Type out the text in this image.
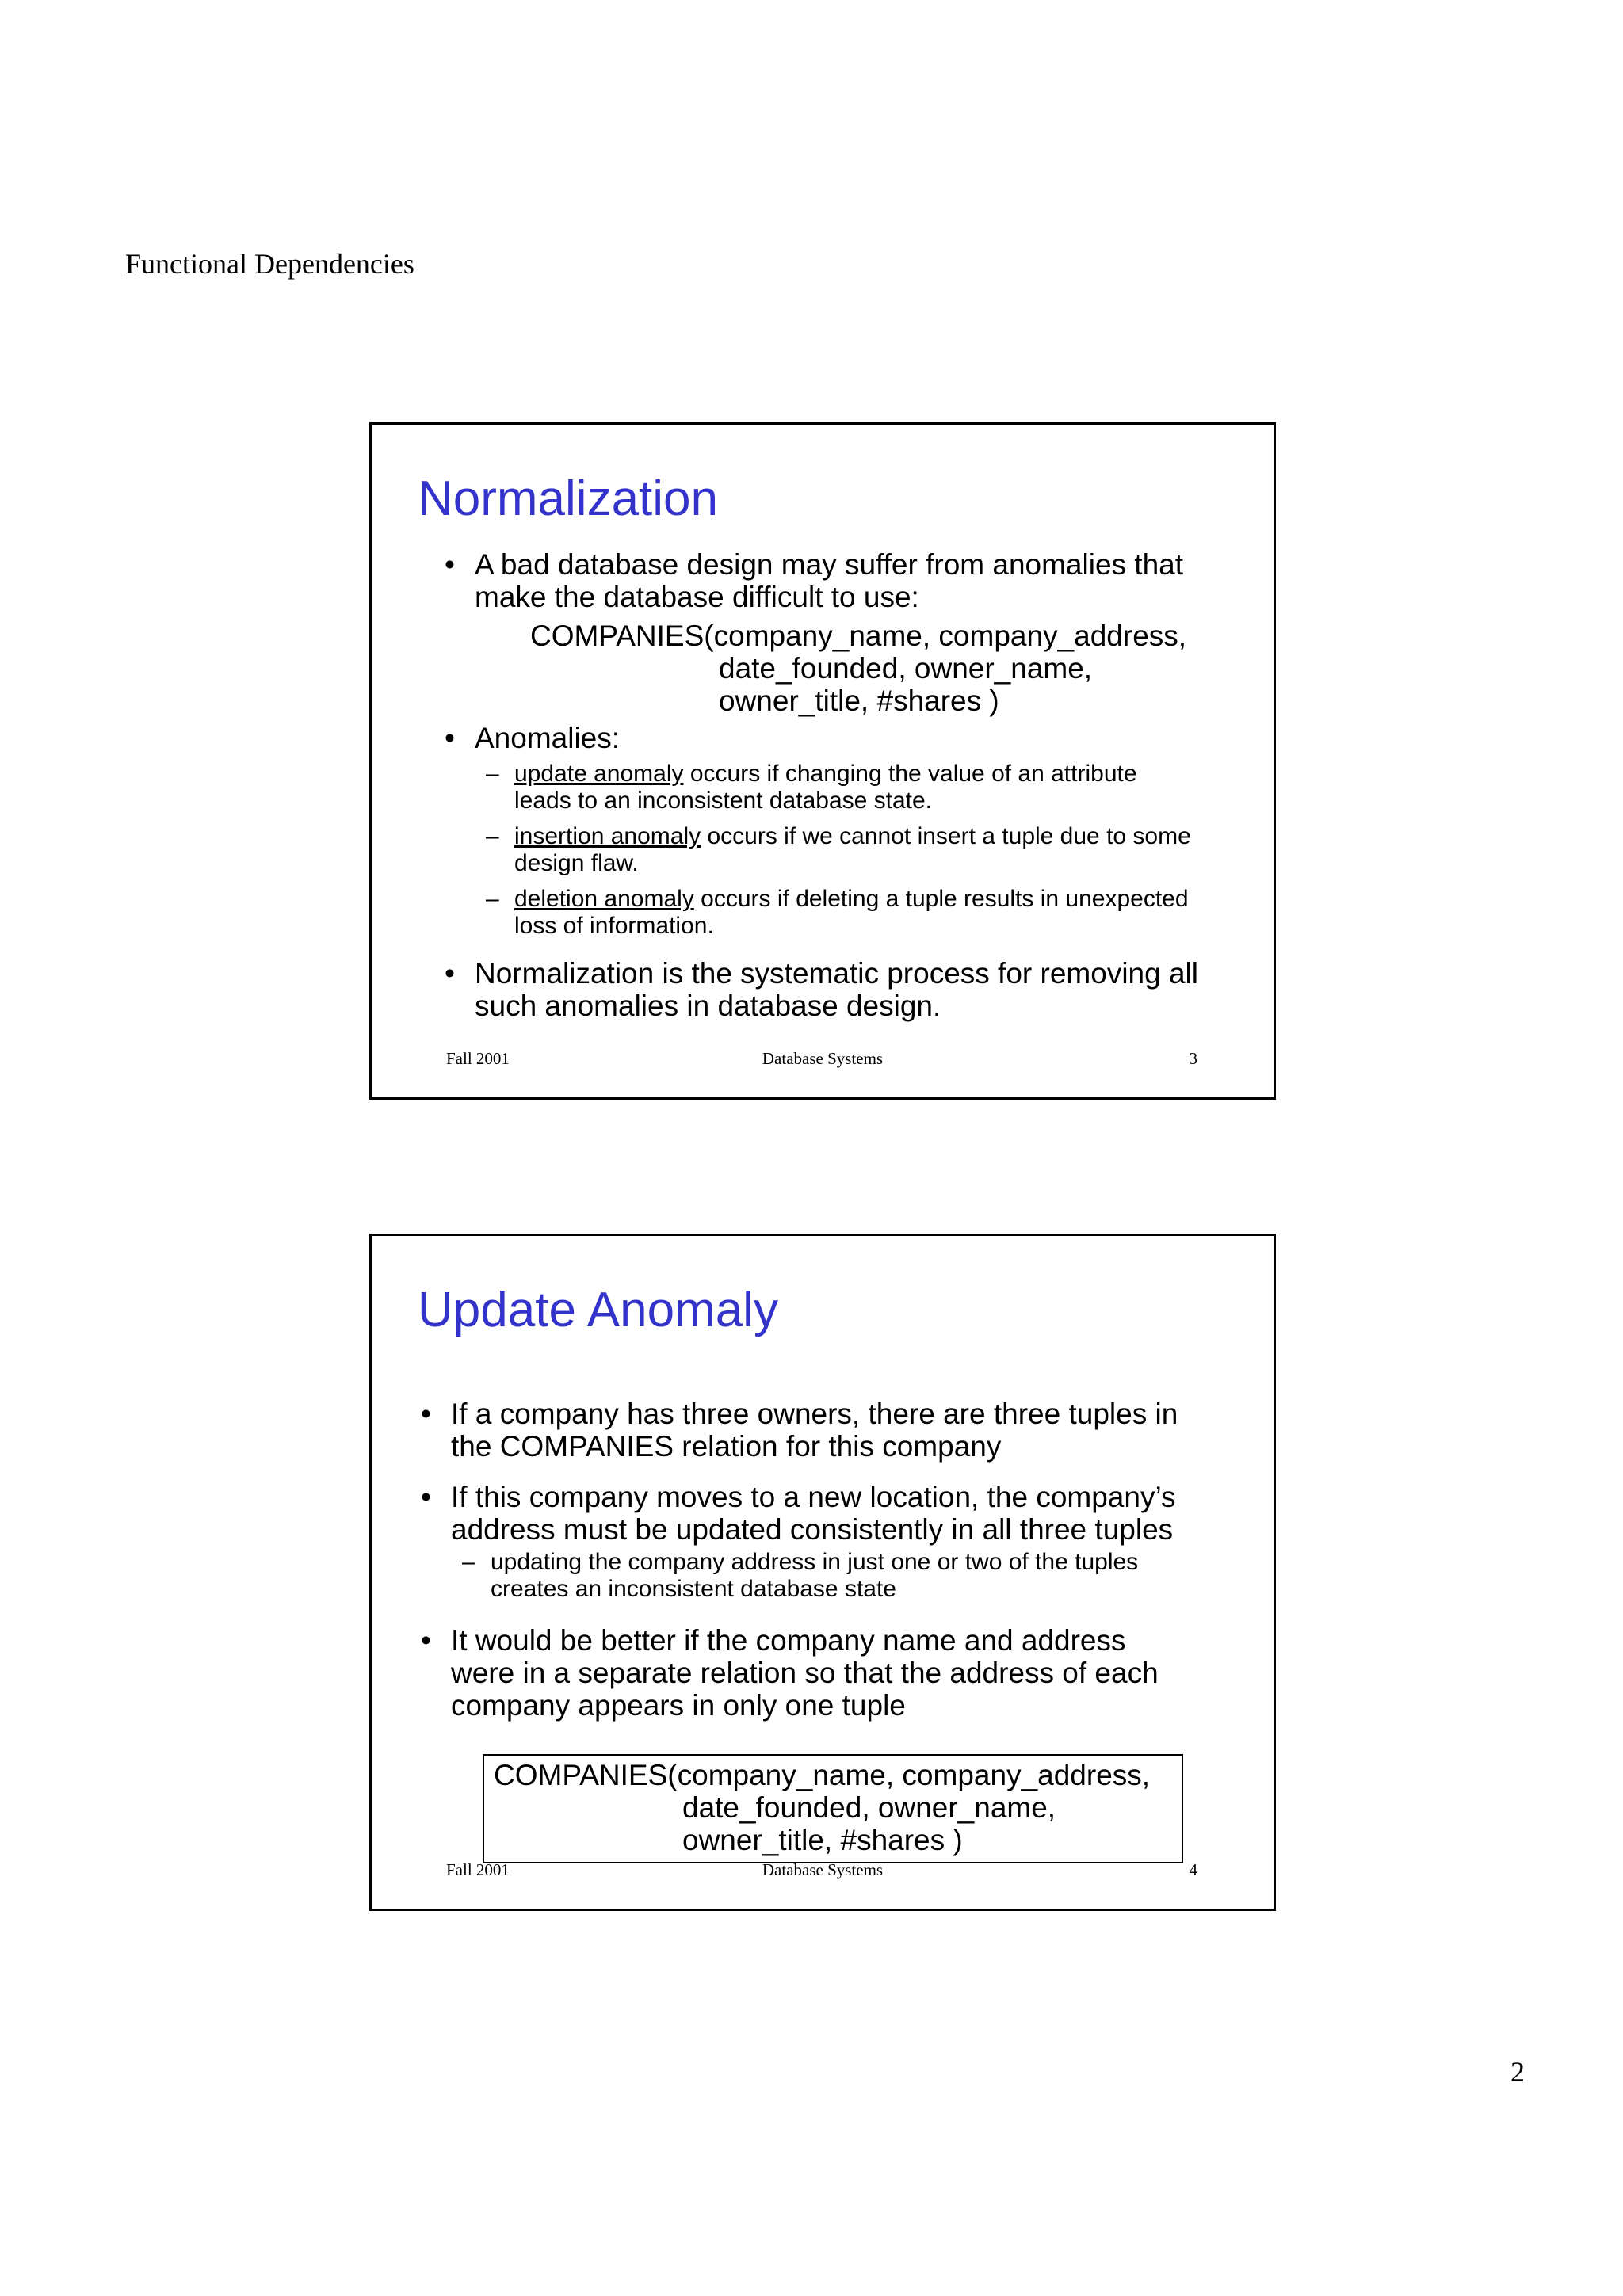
Functional Dependencies
Normalization
• A bad database design may suffer from anomalies that
make the database difficult to use:
COMPANIES(company_name, company_address,
date_founded, owner_name,
owner_title, #shares )
• Anomalies:
– update anomaly occurs if changing the value of an attribute
leads to an inconsistent database state.
– insertion anomaly occurs if we cannot insert a tuple due to some
design flaw.
– deletion anomaly occurs if deleting a tuple results in unexpected
loss of information.
• Normalization is the systematic process for removing all
such anomalies in database design.
Fall 2001	Database Systems	3
Update Anomaly
• If a company has three owners, there are three tuples in
the COMPANIES relation for this company
• If this company moves to a new location, the company’s
address must be updated consistently in all three tuples
– updating the company address in just one or two of the tuples
creates an inconsistent database state
• It would be better if the company name and address
were in a separate relation so that the address of each
company appears in only one tuple
Fall 2001	Database Systems	4
COMPANIES(company_name, company_address,
date_founded, owner_name,
owner_title, #shares )
2
